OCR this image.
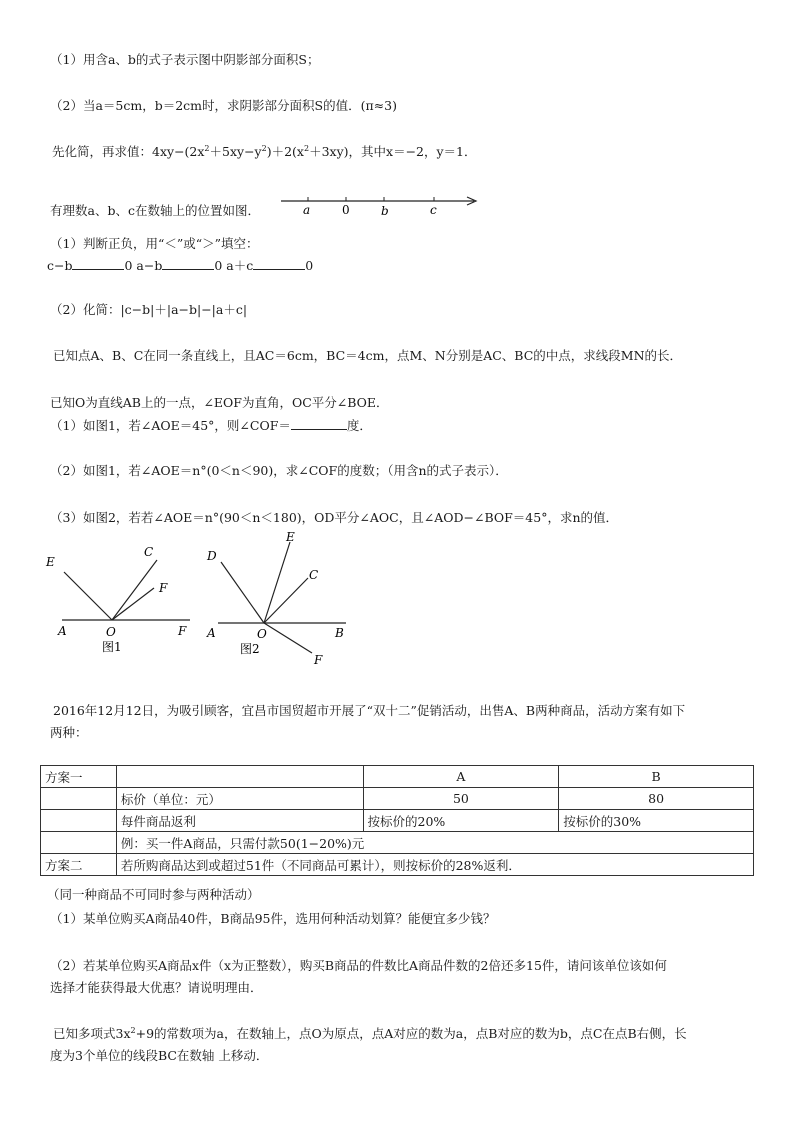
（1）用含a、b的式子表示图中阴影部分面积S；
（2）当a＝5cm，b＝2cm时，求阴影部分面积S的值．(π≈3)
先化简，再求值：$4xy-(2x^2+5xy-y^2)+2(x^2+3xy)$，其中x＝−2，y＝1．
有理数a、b、c在数轴上的位置如图．	a	0	b	c
（1）判断正负，用“＜”或“＞”填空：
c−b	0 a−b	0 a＋c	0
（2）化简：|c−b|＋|a−b|−|a＋c|
已知点A、B、C在同一条直线上，且AC＝6cm，BC＝4cm，点M、N分别是AC、BC的中点，求线段MN的长．
已知O为直线AB上的一点，∠EOF为直角，OC平分∠BOE．
（1）如图1，若∠AOE＝45°，则∠COF＝	度．
（2）如图1，若∠AOE＝n°(0＜n＜90)，求∠COF的度数；（用含n的式子表示）．
（3）如图2，若若∠AOE＝n°(90＜n＜180)，OD平分∠AOC，且∠AOD−∠BOF＝45°，求n的值．
E
C
F
A	O	F
图1
D
E
C
A	O	B
F
图2
2016年12月12日，为吸引顾客，宜昌市国贸超市开展了“双十二”促销活动，出售A、B两种商品，活动方案有如下
两种：
方案一		A	B
	标价（单位：元）	50	80
	每件商品返利	按标价的20%	按标价的30%
	例：买一件A商品，只需付款50(1−20%)元		
方案二	若所购商品达到或超过51件（不同商品可累计），则按标价的28%返利．		
（同一种商品不可同时参与两种活动）
（1）某单位购买A商品40件，B商品95件，选用何种活动划算？能便宜多少钱？
（2）若某单位购买A商品x件（x为正整数），购买B商品的件数比A商品件数的2倍还多15件，请问该单位该如何
选择才能获得最大优惠？请说明理由．
已知多项式$3x^2+9$的常数项为a，在数轴上，点O为原点，点A对应的数为a，点B对应的数为b，点C在点B右侧，长
度为3个单位的线段BC在数轴 上移动．
